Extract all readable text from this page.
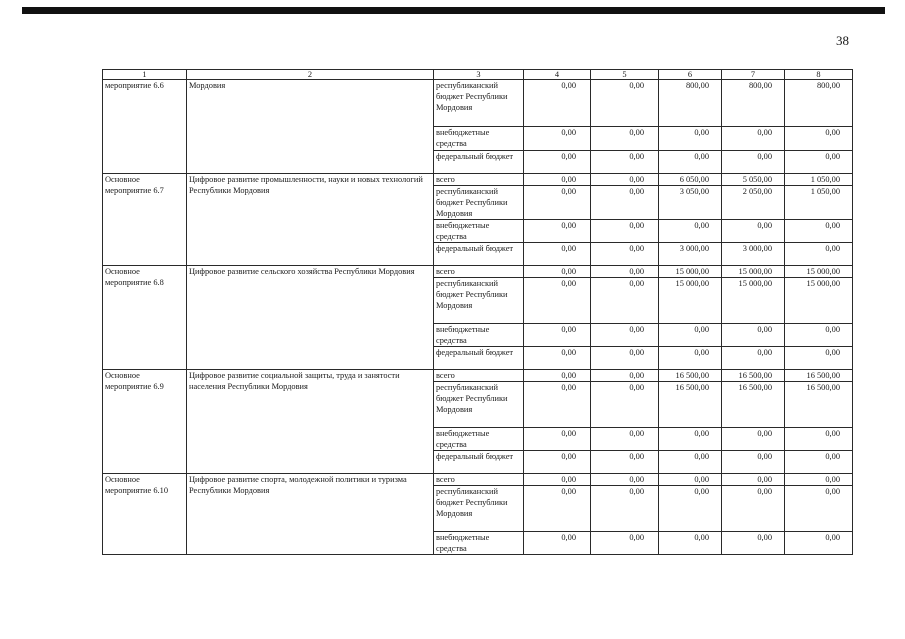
38
1	2	3	4	5	6	7	8
мероприятие 6.6	Мордовия	республиканский бюджет Республики Мордовия	0,00	0,00	800,00	800,00	800,00
		внебюджетные средства	0,00	0,00	0,00	0,00	0,00
		федеральный бюджет	0,00	0,00	0,00	0,00	0,00
Основное мероприятие 6.7	Цифровое развитие промышленности, науки и новых технологий Республики Мордовия	всего	0,00	0,00	6 050,00	5 050,00	1 050,00
		республиканский бюджет Республики Мордовия	0,00	0,00	3 050,00	2 050,00	1 050,00
		внебюджетные средства	0,00	0,00	0,00	0,00	0,00
		федеральный бюджет	0,00	0,00	3 000,00	3 000,00	0,00
Основное мероприятие 6.8	Цифровое развитие сельского хозяйства Республики Мордовия	всего	0,00	0,00	15 000,00	15 000,00	15 000,00
		республиканский бюджет Республики Мордовия	0,00	0,00	15 000,00	15 000,00	15 000,00
		внебюджетные средства	0,00	0,00	0,00	0,00	0,00
		федеральный бюджет	0,00	0,00	0,00	0,00	0,00
Основное мероприятие 6.9	Цифровое развитие социальной защиты, труда и занятости населения Республики Мордовия	всего	0,00	0,00	16 500,00	16 500,00	16 500,00
		республиканский бюджет Республики Мордовия	0,00	0,00	16 500,00	16 500,00	16 500,00
		внебюджетные средства	0,00	0,00	0,00	0,00	0,00
		федеральный бюджет	0,00	0,00	0,00	0,00	0,00
Основное мероприятие 6.10	Цифровое развитие спорта, молодежной политики и туризма Республики Мордовия	всего	0,00	0,00	0,00	0,00	0,00
		республиканский бюджет Республики Мордовия	0,00	0,00	0,00	0,00	0,00
		внебюджетные средства	0,00	0,00	0,00	0,00	0,00
